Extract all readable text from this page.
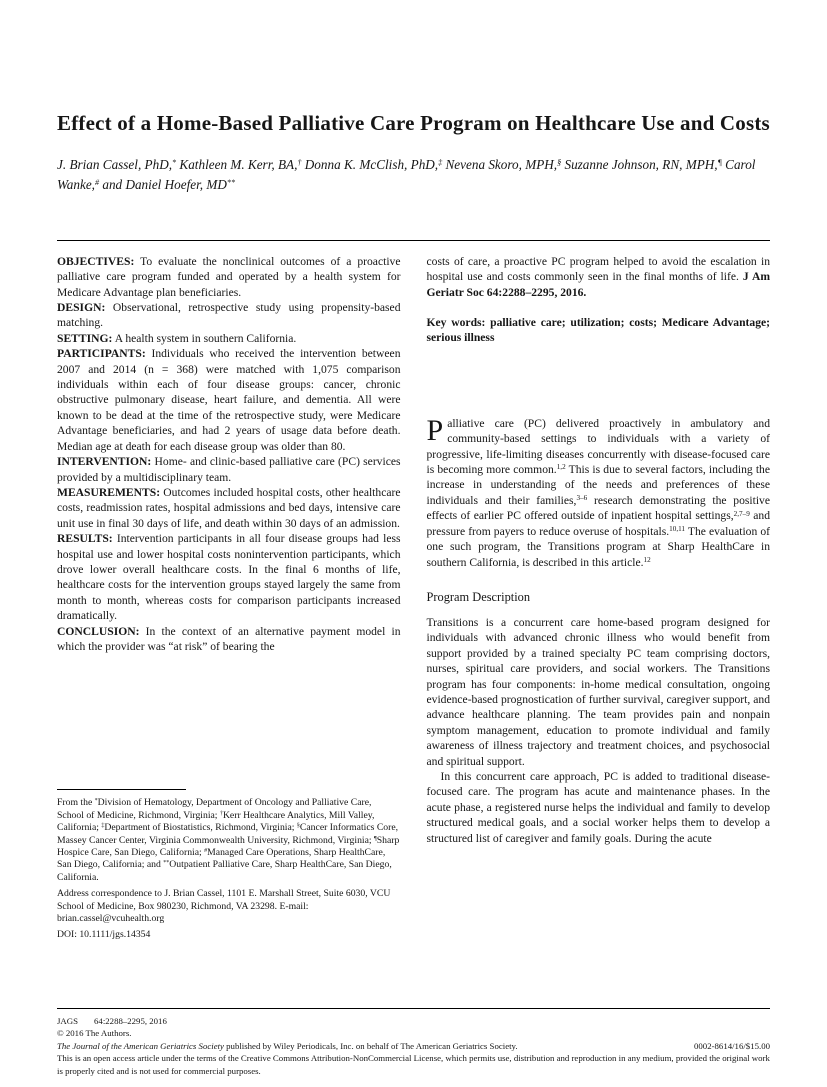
Effect of a Home-Based Palliative Care Program on Healthcare Use and Costs

J. Brian Cassel, PhD,* Kathleen M. Kerr, BA,† Donna K. McClish, PhD,‡ Nevena Skoro, MPH,§ Suzanne Johnson, RN, MPH,¶ Carol Wanke,# and Daniel Hoefer, MD**

OBJECTIVES: To evaluate the nonclinical outcomes of a proactive palliative care program funded and operated by a health system for Medicare Advantage plan beneficiaries.

DESIGN: Observational, retrospective study using propensity-based matching.

SETTING: A health system in southern California.

PARTICIPANTS: Individuals who received the intervention between 2007 and 2014 (n = 368) were matched with 1,075 comparison individuals within each of four disease groups: cancer, chronic obstructive pulmonary disease, heart failure, and dementia. All were known to be dead at the time of the retrospective study, were Medicare Advantage beneficiaries, and had 2 years of usage data before death. Median age at death for each disease group was older than 80.

INTERVENTION: Home- and clinic-based palliative care (PC) services provided by a multidisciplinary team.

MEASUREMENTS: Outcomes included hospital costs, other healthcare costs, readmission rates, hospital admissions and bed days, intensive care unit use in final 30 days of life, and death within 30 days of an admission.

RESULTS: Intervention participants in all four disease groups had less hospital use and lower hospital costs nonintervention participants, which drove lower overall healthcare costs. In the final 6 months of life, healthcare costs for the intervention groups stayed largely the same from month to month, whereas costs for comparison participants increased dramatically.

CONCLUSION: In the context of an alternative payment model in which the provider was “at risk” of bearing the

From the *Division of Hematology, Department of Oncology and Palliative Care, School of Medicine, Richmond, Virginia; †Kerr Healthcare Analytics, Mill Valley, California; ‡Department of Biostatistics, Richmond, Virginia; §Cancer Informatics Core, Massey Cancer Center, Virginia Commonwealth University, Richmond, Virginia; ¶Sharp Hospice Care, San Diego, California; #Managed Care Operations, Sharp HealthCare, San Diego, California; and **Outpatient Palliative Care, Sharp HealthCare, San Diego, California.

Address correspondence to J. Brian Cassel, 1101 E. Marshall Street, Suite 6030, VCU School of Medicine, Box 980230, Richmond, VA 23298. E-mail: brian.cassel@vcuhealth.org

DOI: 10.1111/jgs.14354

costs of care, a proactive PC program helped to avoid the escalation in hospital use and costs commonly seen in the final months of life. J Am Geriatr Soc 64:2288–2295, 2016.

Key words: palliative care; utilization; costs; Medicare Advantage; serious illness

Palliative care (PC) delivered proactively in ambulatory and community-based settings to individuals with a variety of progressive, life-limiting diseases concurrently with disease-focused care is becoming more common.$^{1,2}$ This is due to several factors, including the increase in understanding of the needs and preferences of these individuals and their families,$^{3-6}$ research demonstrating the positive effects of earlier PC offered outside of inpatient hospital settings,$^{2,7-9}$ and pressure from payers to reduce overuse of hospitals.$^{10,11}$ The evaluation of one such program, the Transitions program at Sharp HealthCare in southern California, is described in this article.$^{12}$

Program Description

Transitions is a concurrent care home-based program designed for individuals with advanced chronic illness who would benefit from support provided by a trained specialty PC team comprising doctors, nurses, spiritual care providers, and social workers. The Transitions program has four components: in-home medical consultation, ongoing evidence-based prognostication of further survival, caregiver support, and advance healthcare planning. The team provides pain and nonpain symptom management, education to promote individual and family awareness of illness trajectory and treatment choices, and psychosocial and spiritual support.

In this concurrent care approach, PC is added to traditional disease-focused care. The program has acute and maintenance phases. In the acute phase, a registered nurse helps the individual and family to develop structured medical goals, and a social worker helps them to develop a structured list of caregiver and family goals. During the acute

JAGS 64:2288–2295, 2016

© 2016 The Authors.

The Journal of the American Geriatrics Society published by Wiley Periodicals, Inc. on behalf of The American Geriatrics Society.	0002-8614/16/$15.00

This is an open access article under the terms of the Creative Commons Attribution-NonCommercial License, which permits use, distribution and reproduction in any medium, provided the original work is properly cited and is not used for commercial purposes.
